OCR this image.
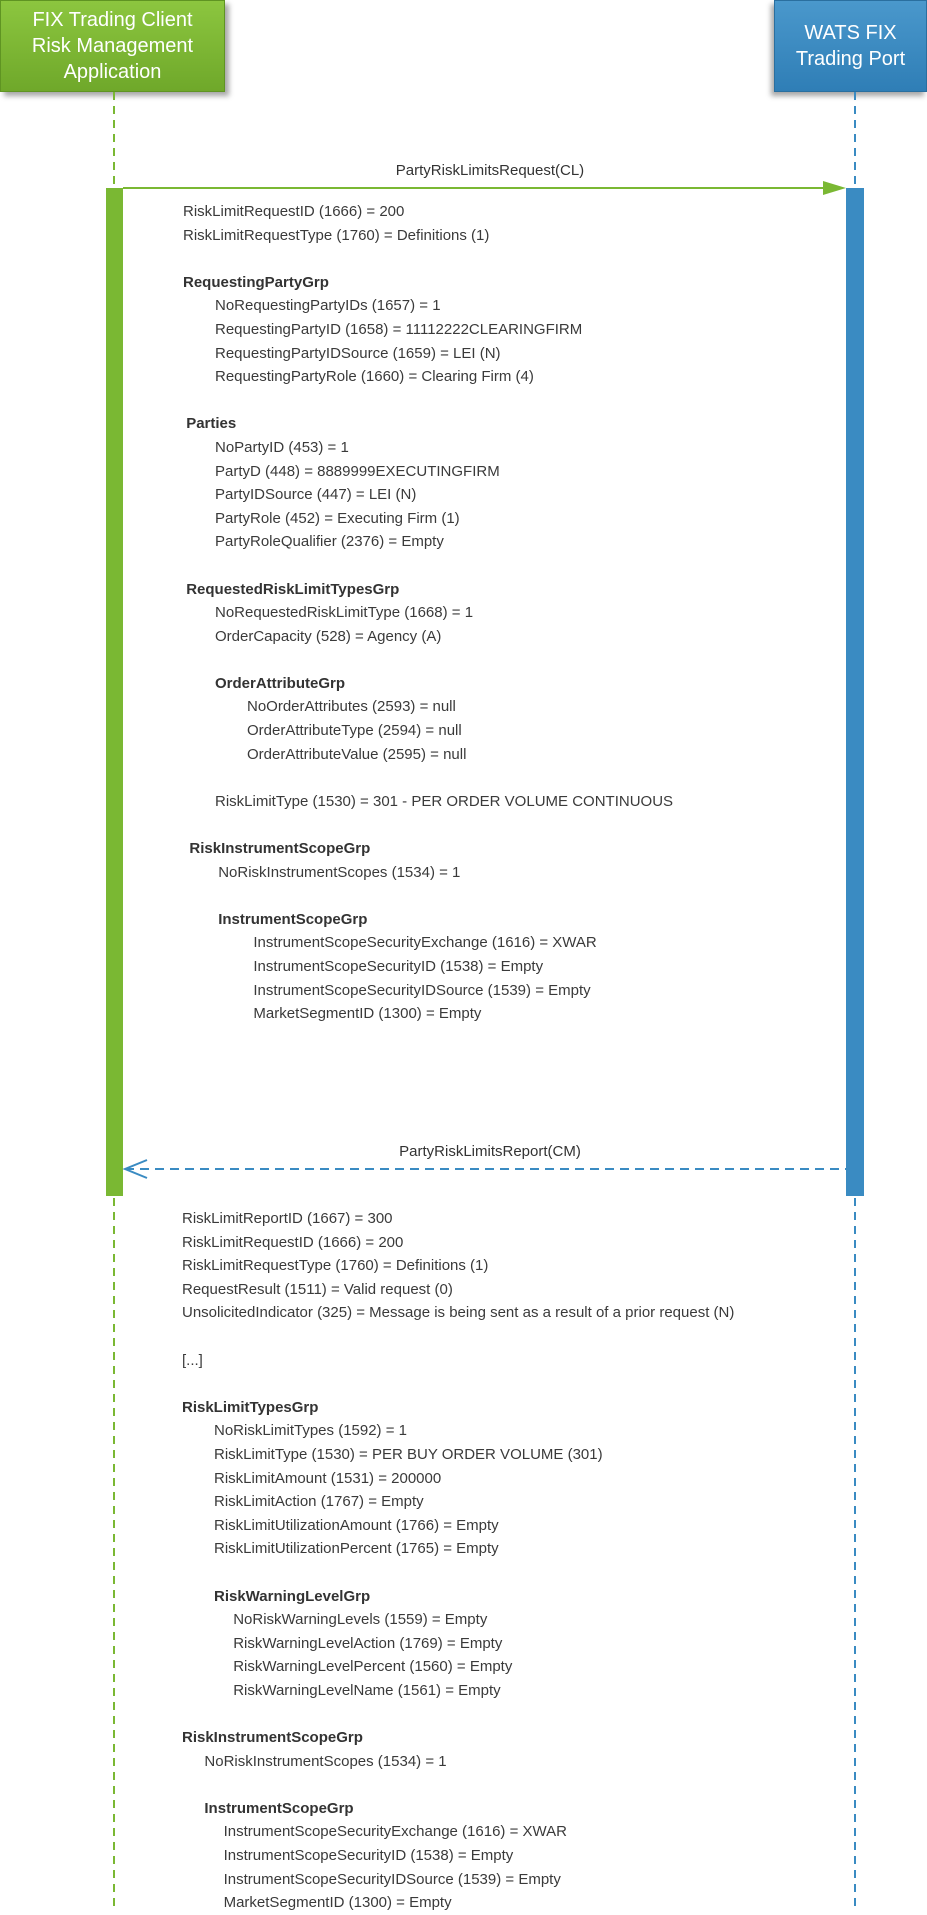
FIX Trading Client
Risk Management
Application
WATS FIX
Trading Port
PartyRiskLimitsRequest(CL)
PartyRiskLimitsReport(CM)
RiskLimitRequestID (1666) = 200
RiskLimitRequestType (1760) = Definitions (1)
RequestingPartyGrp
NoRequestingPartyIDs (1657) = 1
RequestingPartyID (1658) = 11112222CLEARINGFIRM
RequestingPartyIDSource (1659) = LEI (N)
RequestingPartyRole (1660) = Clearing Firm (4)
Parties
NoPartyID (453) = 1
PartyD (448) = 8889999EXECUTINGFIRM
PartyIDSource (447) = LEI (N)
PartyRole (452) = Executing Firm (1)
PartyRoleQualifier (2376) = Empty
RequestedRiskLimitTypesGrp
NoRequestedRiskLimitType (1668) = 1
OrderCapacity (528) = Agency (A)
OrderAttributeGrp
NoOrderAttributes (2593) = null
OrderAttributeType (2594) = null
OrderAttributeValue (2595) = null
RiskLimitType (1530) = 301 - PER ORDER VOLUME CONTINUOUS
RiskInstrumentScopeGrp
NoRiskInstrumentScopes (1534) = 1
InstrumentScopeGrp
InstrumentScopeSecurityExchange (1616) = XWAR
InstrumentScopeSecurityID (1538) = Empty
InstrumentScopeSecurityIDSource (1539) = Empty
MarketSegmentID (1300) = Empty
RiskLimitReportID (1667) = 300
RiskLimitRequestID (1666) = 200
RiskLimitRequestType (1760) = Definitions (1)
RequestResult (1511) = Valid request (0)
UnsolicitedIndicator (325) = Message is being sent as a result of a prior request (N)
[...]
RiskLimitTypesGrp
NoRiskLimitTypes (1592) = 1
RiskLimitType (1530) = PER BUY ORDER VOLUME (301)
RiskLimitAmount (1531) = 200000
RiskLimitAction (1767) = Empty
RiskLimitUtilizationAmount (1766) = Empty
RiskLimitUtilizationPercent (1765) = Empty
RiskWarningLevelGrp
NoRiskWarningLevels (1559) = Empty
RiskWarningLevelAction (1769) = Empty
RiskWarningLevelPercent (1560) = Empty
RiskWarningLevelName (1561) = Empty
RiskInstrumentScopeGrp
NoRiskInstrumentScopes (1534) = 1
InstrumentScopeGrp
InstrumentScopeSecurityExchange (1616) = XWAR
InstrumentScopeSecurityID (1538) = Empty
InstrumentScopeSecurityIDSource (1539) = Empty
MarketSegmentID (1300) = Empty
